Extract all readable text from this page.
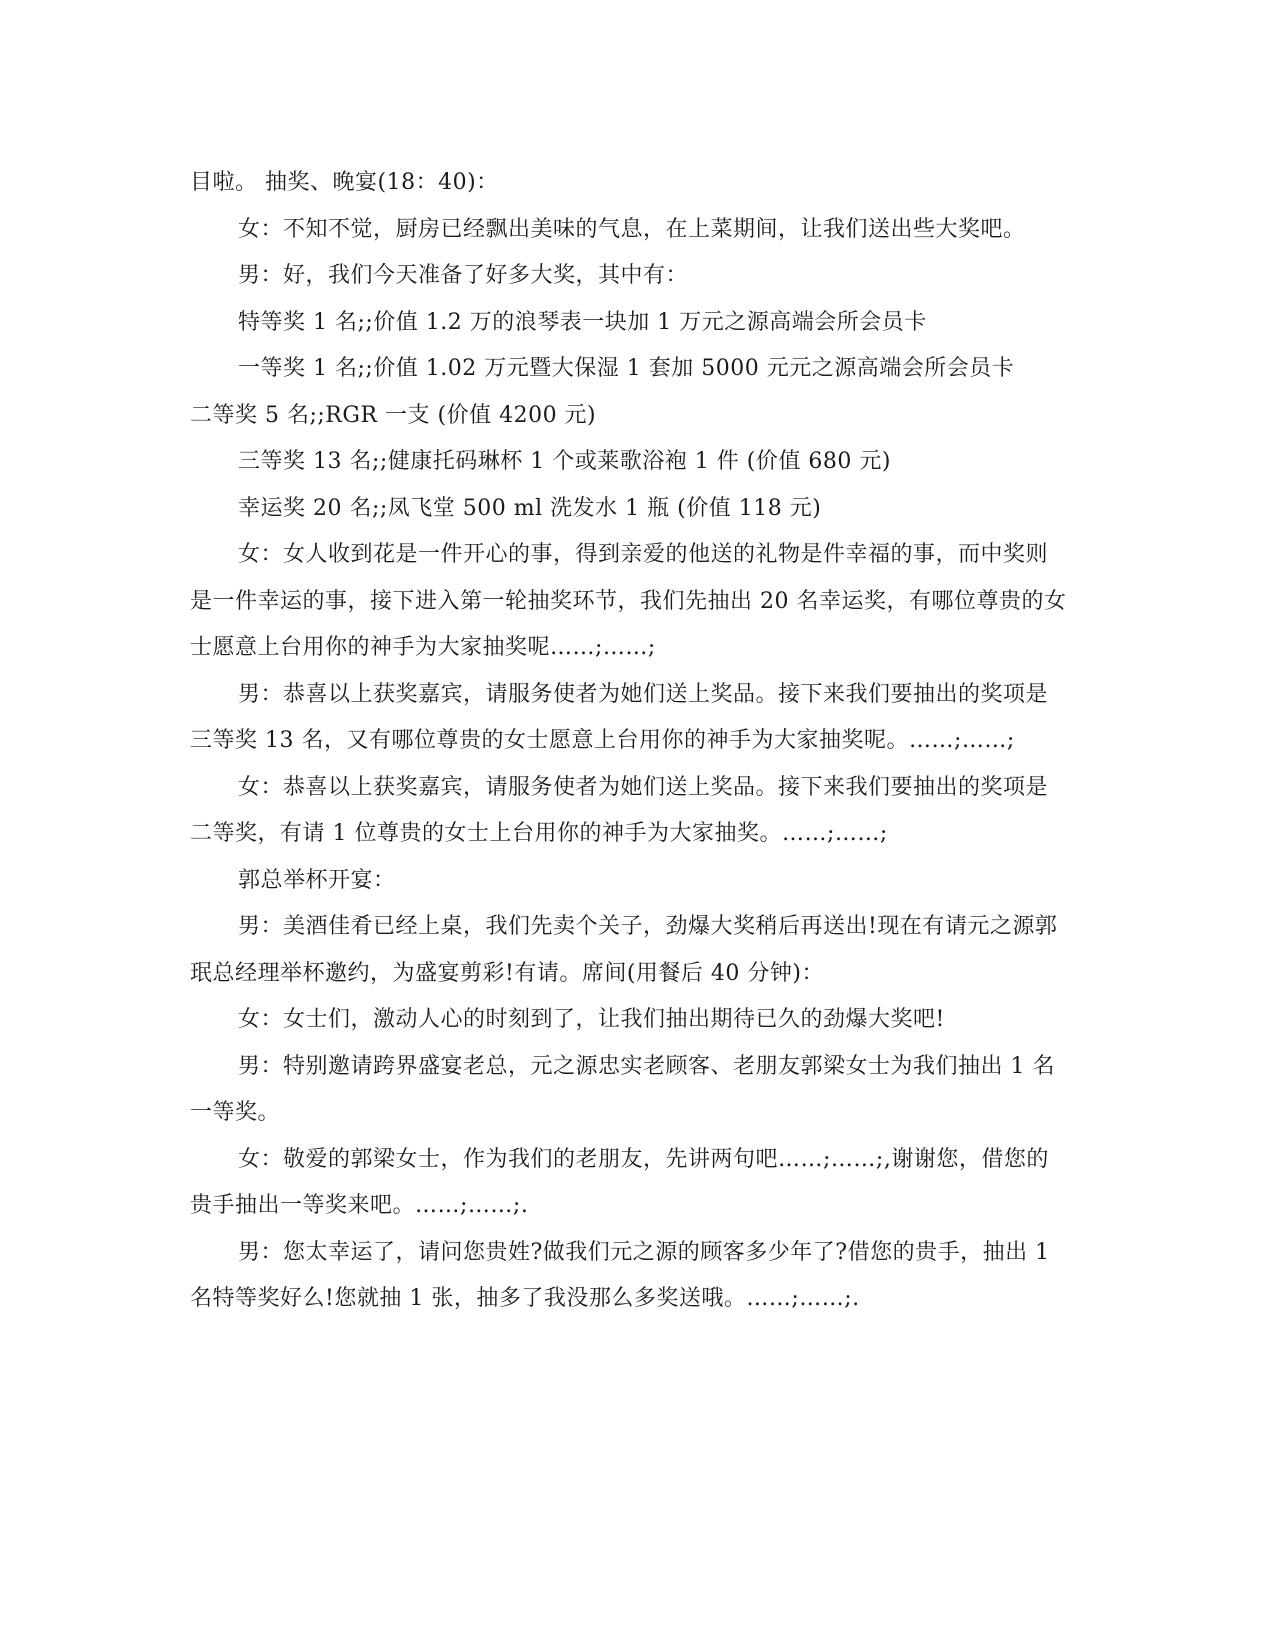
目啦。 抽奖、晚宴(18：40)：

女：不知不觉，厨房已经飘出美味的气息，在上菜期间，让我们送出些大奖吧。

男：好，我们今天准备了好多大奖，其中有：

特等奖 1 名;;价值 1.2 万的浪琴表一块加 1 万元之源高端会所会员卡

一等奖 1 名;;价值 1.02 万元暨大保湿 1 套加 5000 元元之源高端会所会员卡

二等奖 5 名;;RGR 一支 (价值 4200 元)

三等奖 13 名;;健康托码琳杯 1 个或莱歌浴袍 1 件 (价值 680 元)

幸运奖 20 名;;凤飞堂 500 ml 洗发水 1 瓶 (价值 118 元)

女：女人收到花是一件开心的事，得到亲爱的他送的礼物是件幸福的事，而中奖则是一件幸运的事，接下进入第一轮抽奖环节，我们先抽出 20 名幸运奖，有哪位尊贵的女士愿意上台用你的神手为大家抽奖呢……;……;

男：恭喜以上获奖嘉宾，请服务使者为她们送上奖品。接下来我们要抽出的奖项是三等奖 13 名，又有哪位尊贵的女士愿意上台用你的神手为大家抽奖呢。……;……;

女：恭喜以上获奖嘉宾，请服务使者为她们送上奖品。接下来我们要抽出的奖项是二等奖，有请 1 位尊贵的女士上台用你的神手为大家抽奖。……;……;

郭总举杯开宴：

男：美酒佳肴已经上桌，我们先卖个关子，劲爆大奖稍后再送出!现在有请元之源郭珉总经理举杯邀约，为盛宴剪彩!有请。席间(用餐后 40 分钟)：

女：女士们，激动人心的时刻到了，让我们抽出期待已久的劲爆大奖吧!

男：特别邀请跨界盛宴老总，元之源忠实老顾客、老朋友郭梁女士为我们抽出 1 名一等奖。

女：敬爱的郭梁女士，作为我们的老朋友，先讲两句吧……;……;,谢谢您，借您的贵手抽出一等奖来吧。……;……;.

男：您太幸运了，请问您贵姓?做我们元之源的顾客多少年了?借您的贵手，抽出 1 名特等奖好么!您就抽 1 张，抽多了我没那么多奖送哦。……;……;.
